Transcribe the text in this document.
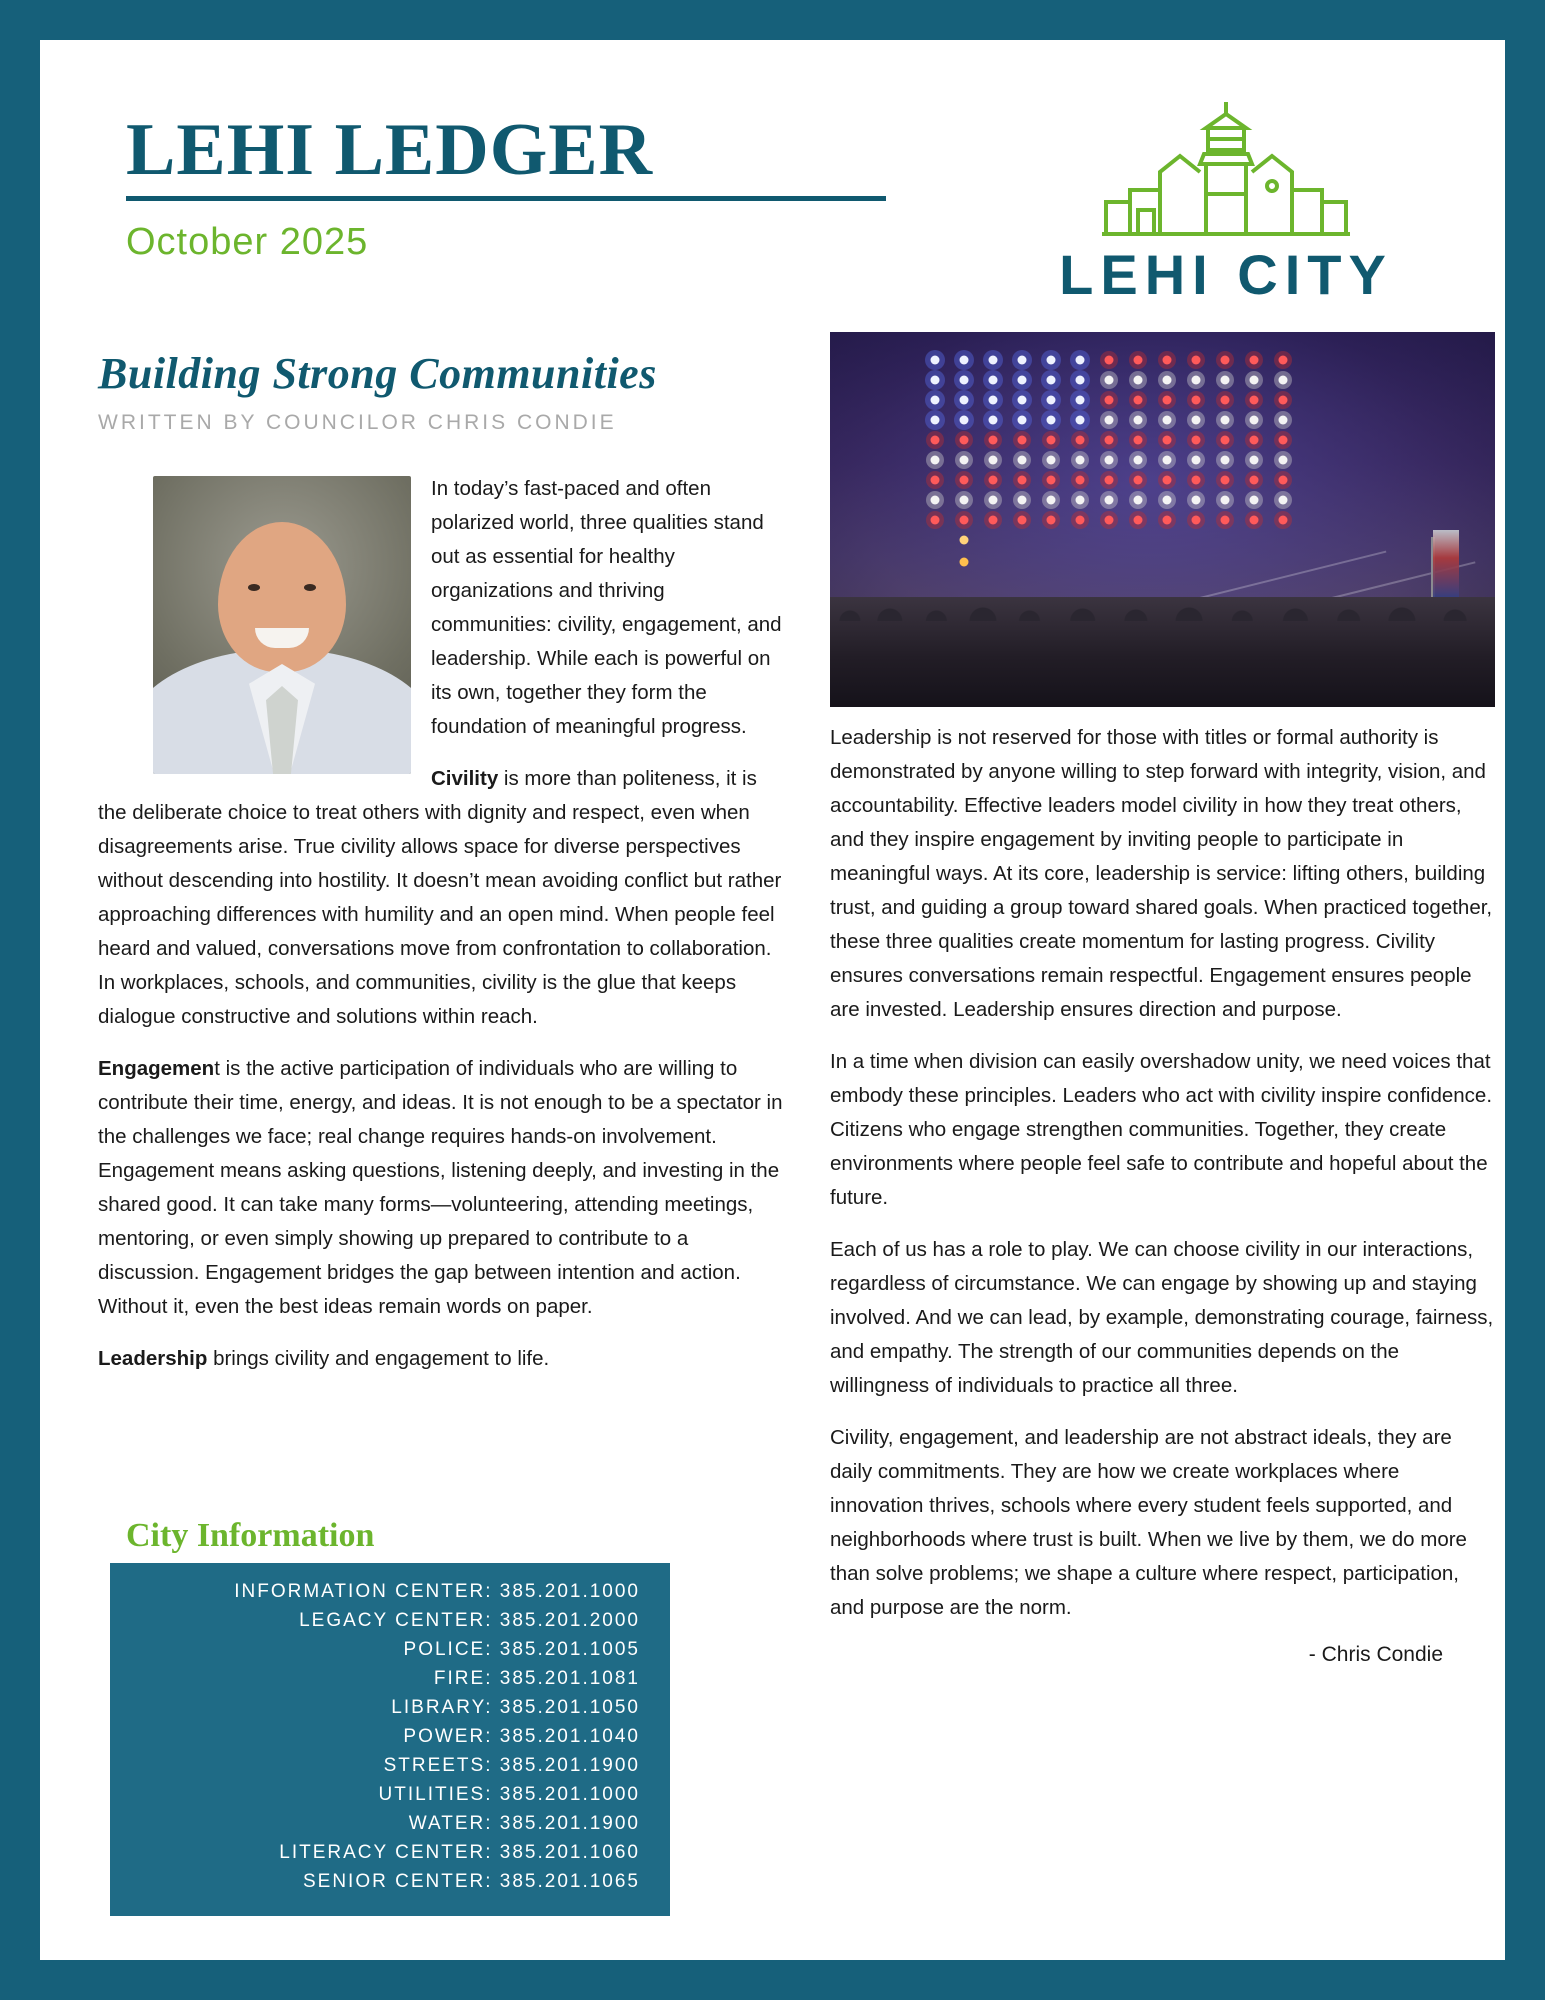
LEHI LEDGER
October 2025
LEHI CITY
Building Strong Communities
WRITTEN BY COUNCILOR CHRIS CONDIE

In today’s fast-paced and often polarized world, three qualities stand out as essential for healthy organizations and thriving communities: civility, engagement, and leadership. While each is powerful on its own, together they form the foundation of meaningful progress.

Civility is more than politeness, it is the deliberate choice to treat others with dignity and respect, even when disagreements arise. True civility allows space for diverse perspectives without descending into hostility. It doesn’t mean avoiding conflict but rather approaching differences with humility and an open mind. When people feel heard and valued, conversations move from confrontation to collaboration. In workplaces, schools, and communities, civility is the glue that keeps dialogue constructive and solutions within reach.

Engagement is the active participation of individuals who are willing to contribute their time, energy, and ideas. It is not enough to be a spectator in the challenges we face; real change requires hands-on involvement. Engagement means asking questions, listening deeply, and investing in the shared good. It can take many forms—volunteering, attending meetings, mentoring, or even simply showing up prepared to contribute to a discussion. Engagement bridges the gap between intention and action. Without it, even the best ideas remain words on paper.

Leadership brings civility and engagement to life.

City Information
INFORMATION CENTER: 385.201.1000
LEGACY CENTER: 385.201.2000
POLICE: 385.201.1005
FIRE: 385.201.1081
LIBRARY: 385.201.1050
POWER: 385.201.1040
STREETS: 385.201.1900
UTILITIES: 385.201.1000
WATER: 385.201.1900
LITERACY CENTER: 385.201.1060
SENIOR CENTER: 385.201.1065

Leadership is not reserved for those with titles or formal authority is demonstrated by anyone willing to step forward with integrity, vision, and accountability. Effective leaders model civility in how they treat others, and they inspire engagement by inviting people to participate in meaningful ways. At its core, leadership is service: lifting others, building trust, and guiding a group toward shared goals. When practiced together, these three qualities create momentum for lasting progress. Civility ensures conversations remain respectful. Engagement ensures people are invested. Leadership ensures direction and purpose.

In a time when division can easily overshadow unity, we need voices that embody these principles. Leaders who act with civility inspire confidence. Citizens who engage strengthen communities. Together, they create environments where people feel safe to contribute and hopeful about the future.

Each of us has a role to play. We can choose civility in our interactions, regardless of circumstance. We can engage by showing up and staying involved. And we can lead, by example, demonstrating courage, fairness, and empathy. The strength of our communities depends on the willingness of individuals to practice all three.

Civility, engagement, and leadership are not abstract ideals, they are daily commitments. They are how we create workplaces where innovation thrives, schools where every student feels supported, and neighborhoods where trust is built. When we live by them, we do more than solve problems; we shape a culture where respect, participation, and purpose are the norm.

- Chris Condie
